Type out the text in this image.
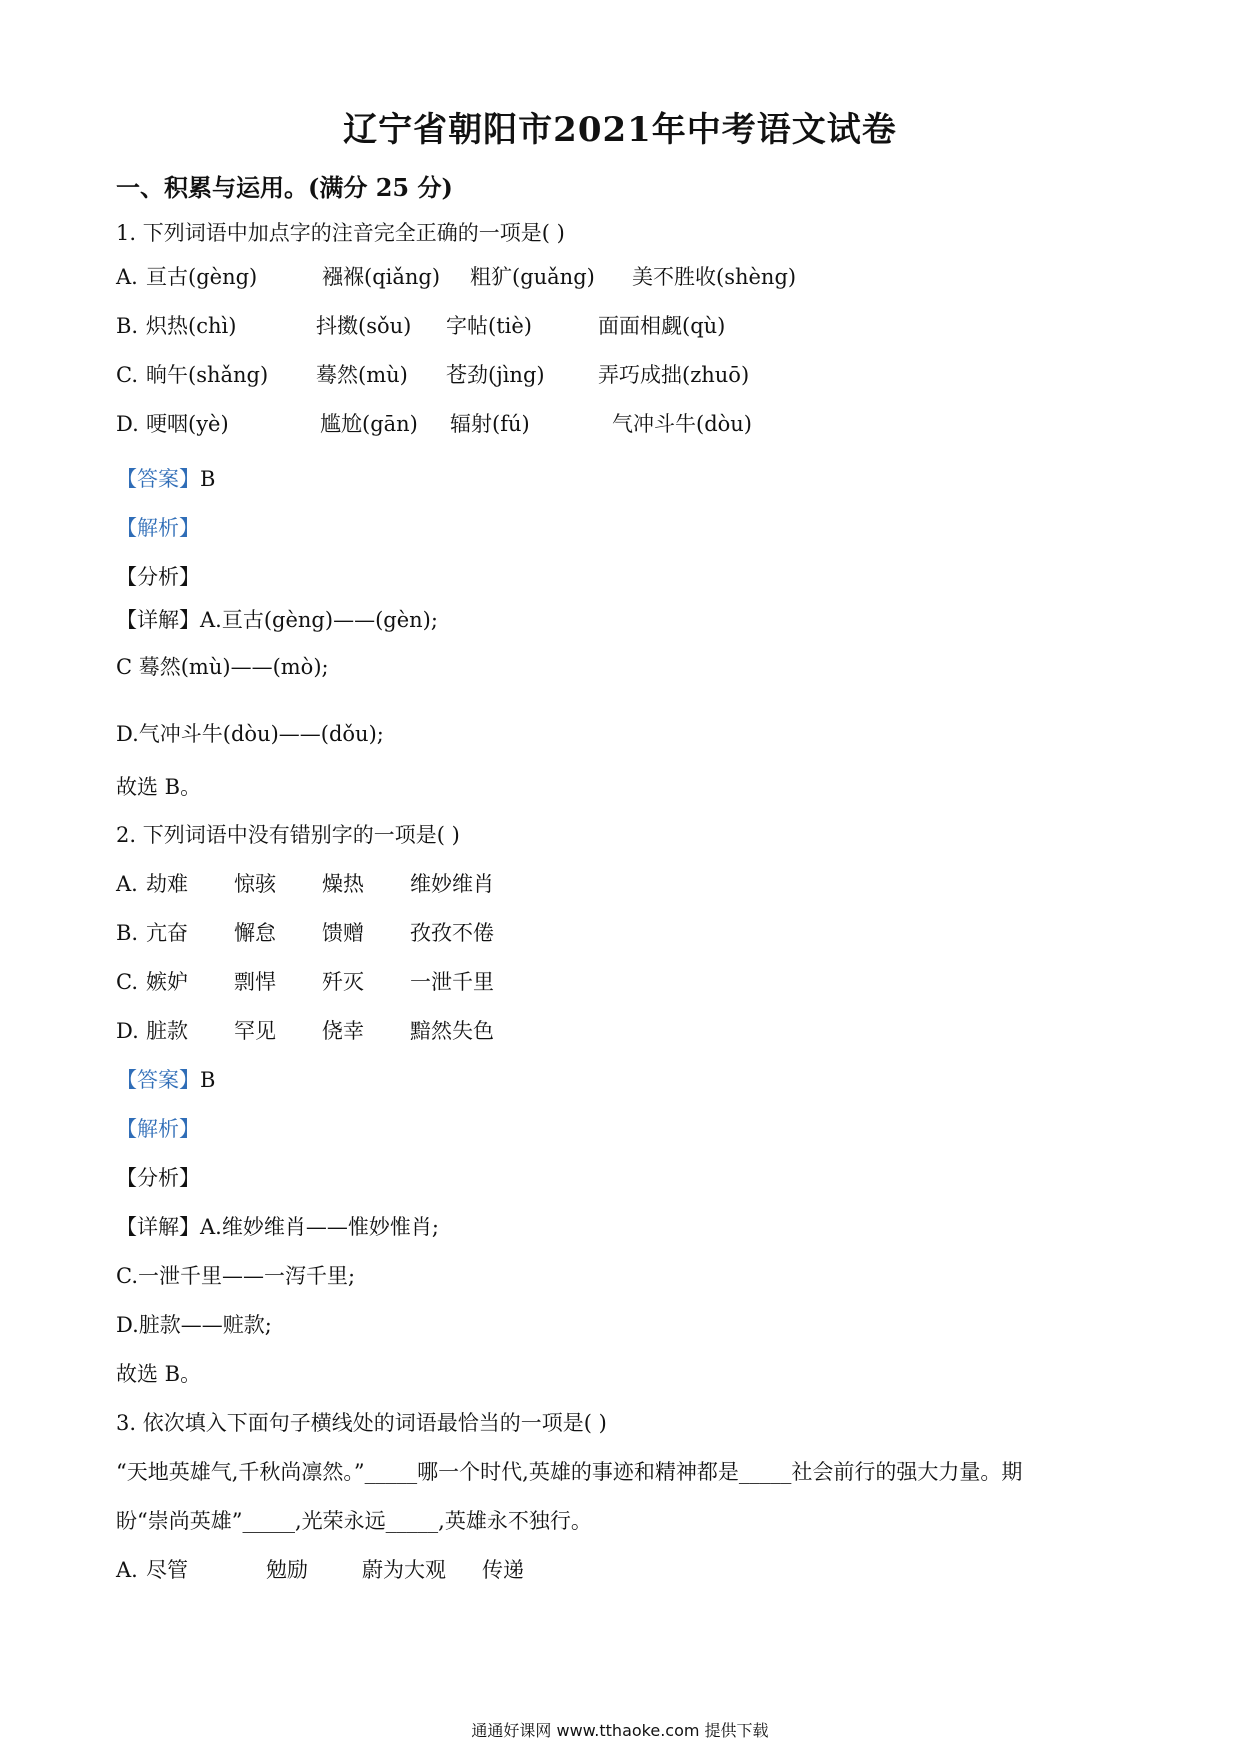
辽宁省朝阳市2021年中考语文试卷
一、积累与运用。(满分 25 分)
1. 下列词语中加点字的注音完全正确的一项是( )
A. 亘古(gèng)	襁褓(qiǎng) 粗犷(guǎng) 美不胜收(shèng)
B. 炽热(chì)	抖擞(sǒu) 字帖(tiè)	面面相觑(qù)
C. 晌午(shǎng) 蓦然(mù) 苍劲(jìng)	弄巧成拙(zhuō)
D. 哽咽(yè)	尴尬(gān) 辐射(fú)	气冲斗牛(dòu)
【答案】B
【解析】
【分析】
【详解】A.亘古(gèng)——(gèn);
C 蓦然(mù)——(mò);
D.气冲斗牛(dòu)——(dǒu);
故选 B。
2. 下列词语中没有错别字的一项是( )
A. 劫难 惊骇 燥热 维妙维肖
B. 亢奋 懈怠 馈赠 孜孜不倦
C. 嫉妒 剽悍 歼灭 一泄千里
D. 脏款 罕见 侥幸 黯然失色
【答案】B
【解析】
【分析】
【详解】A.维妙维肖——惟妙惟肖;
C.一泄千里——一泻千里;
D.脏款——赃款;
故选 B。
3. 依次填入下面句子横线处的词语最恰当的一项是( )
“天地英雄气,千秋尚凛然。”_____哪一个时代,英雄的事迹和精神都是_____社会前行的强大力量。期
盼“崇尚英雄”_____,光荣永远_____,英雄永不独行。
A. 尽管	勉励	蔚为大观 传递
通通好课网 www.tthaoke.com 提供下载
